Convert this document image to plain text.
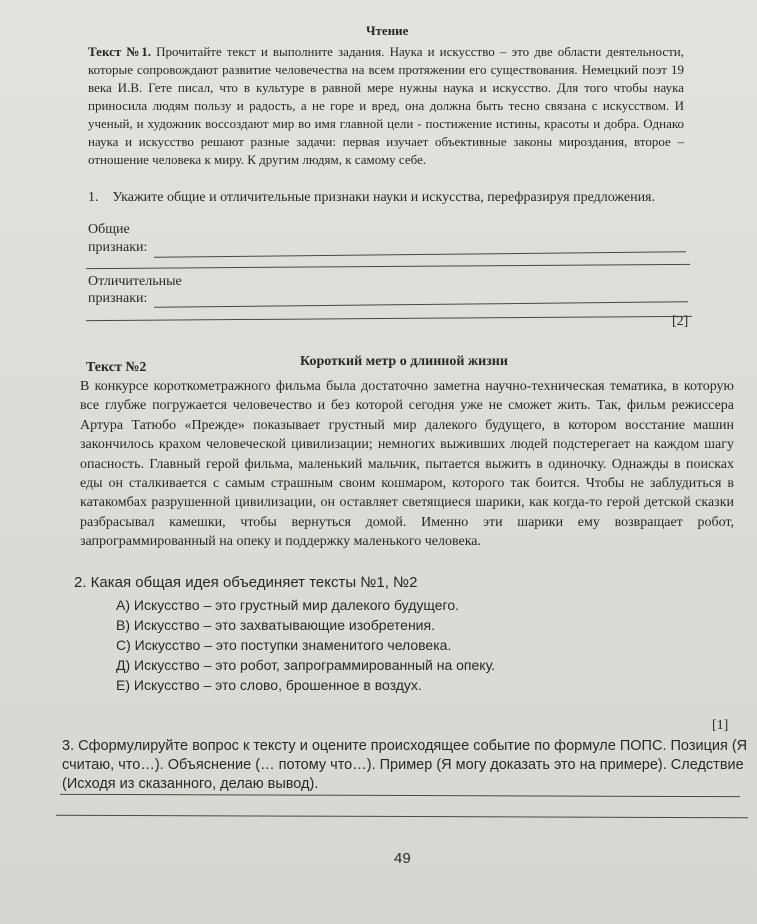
Чтение
Текст №1. Прочитайте текст и выполните задания. Наука и искусство – это две области деятельности, которые сопровождают развитие человечества на всем протяжении его существования. Немецкий поэт 19 века И.В. Гете писал, что в культуре в равной мере нужны наука и искусство. Для того чтобы наука приносила людям пользу и радость, а не горе и вред, она должна быть тесно связана с искусством. И ученый, и художник воссоздают мир во имя главной цели - постижение истины, красоты и добра. Однако наука и искусство решают разные задачи: первая изучает объективные законы мироздания, второе – отношение человека к миру. К другим людям, к самому себе.
1. Укажите общие и отличительные признаки науки и искусства, перефразируя предложения.
Общие
признаки:
Отличительные
признаки:
[2]
Текст №2	Короткий метр о длинной жизни
В конкурсе короткометражного фильма была достаточно заметна научно-техническая тематика, в которую все глубже погружается человечество и без которой сегодня уже не сможет жить. Так, фильм режиссера Артура Татюбо «Прежде» показывает грустный мир далекого будущего, в котором восстание машин закончилось крахом человеческой цивилизации; немногих выживших людей подстерегает на каждом шагу опасность. Главный герой фильма, маленький мальчик, пытается выжить в одиночку. Однажды в поисках еды он сталкивается с самым страшным своим кошмаром, которого так боится. Чтобы не заблудиться в катакомбах разрушенной цивилизации, он оставляет светящиеся шарики, как когда-то герой детской сказки разбрасывал камешки, чтобы вернуться домой. Именно эти шарики ему возвращает робот, запрограммированный на опеку и поддержку маленького человека.
2. Какая общая идея объединяет тексты №1, №2
А) Искусство – это грустный мир далекого будущего.
В) Искусство – это захватывающие изобретения.
С) Искусство – это поступки знаменитого человека.
Д) Искусство – это робот, запрограммированный на опеку.
Е) Искусство – это слово, брошенное в воздух.
[1]
3. Сформулируйте вопрос к тексту и оцените происходящее событие по формуле ПОПС. Позиция (Я считаю, что…). Объяснение (… потому что…). Пример (Я могу доказать это на примере). Следствие (Исходя из сказанного, делаю вывод).
49
